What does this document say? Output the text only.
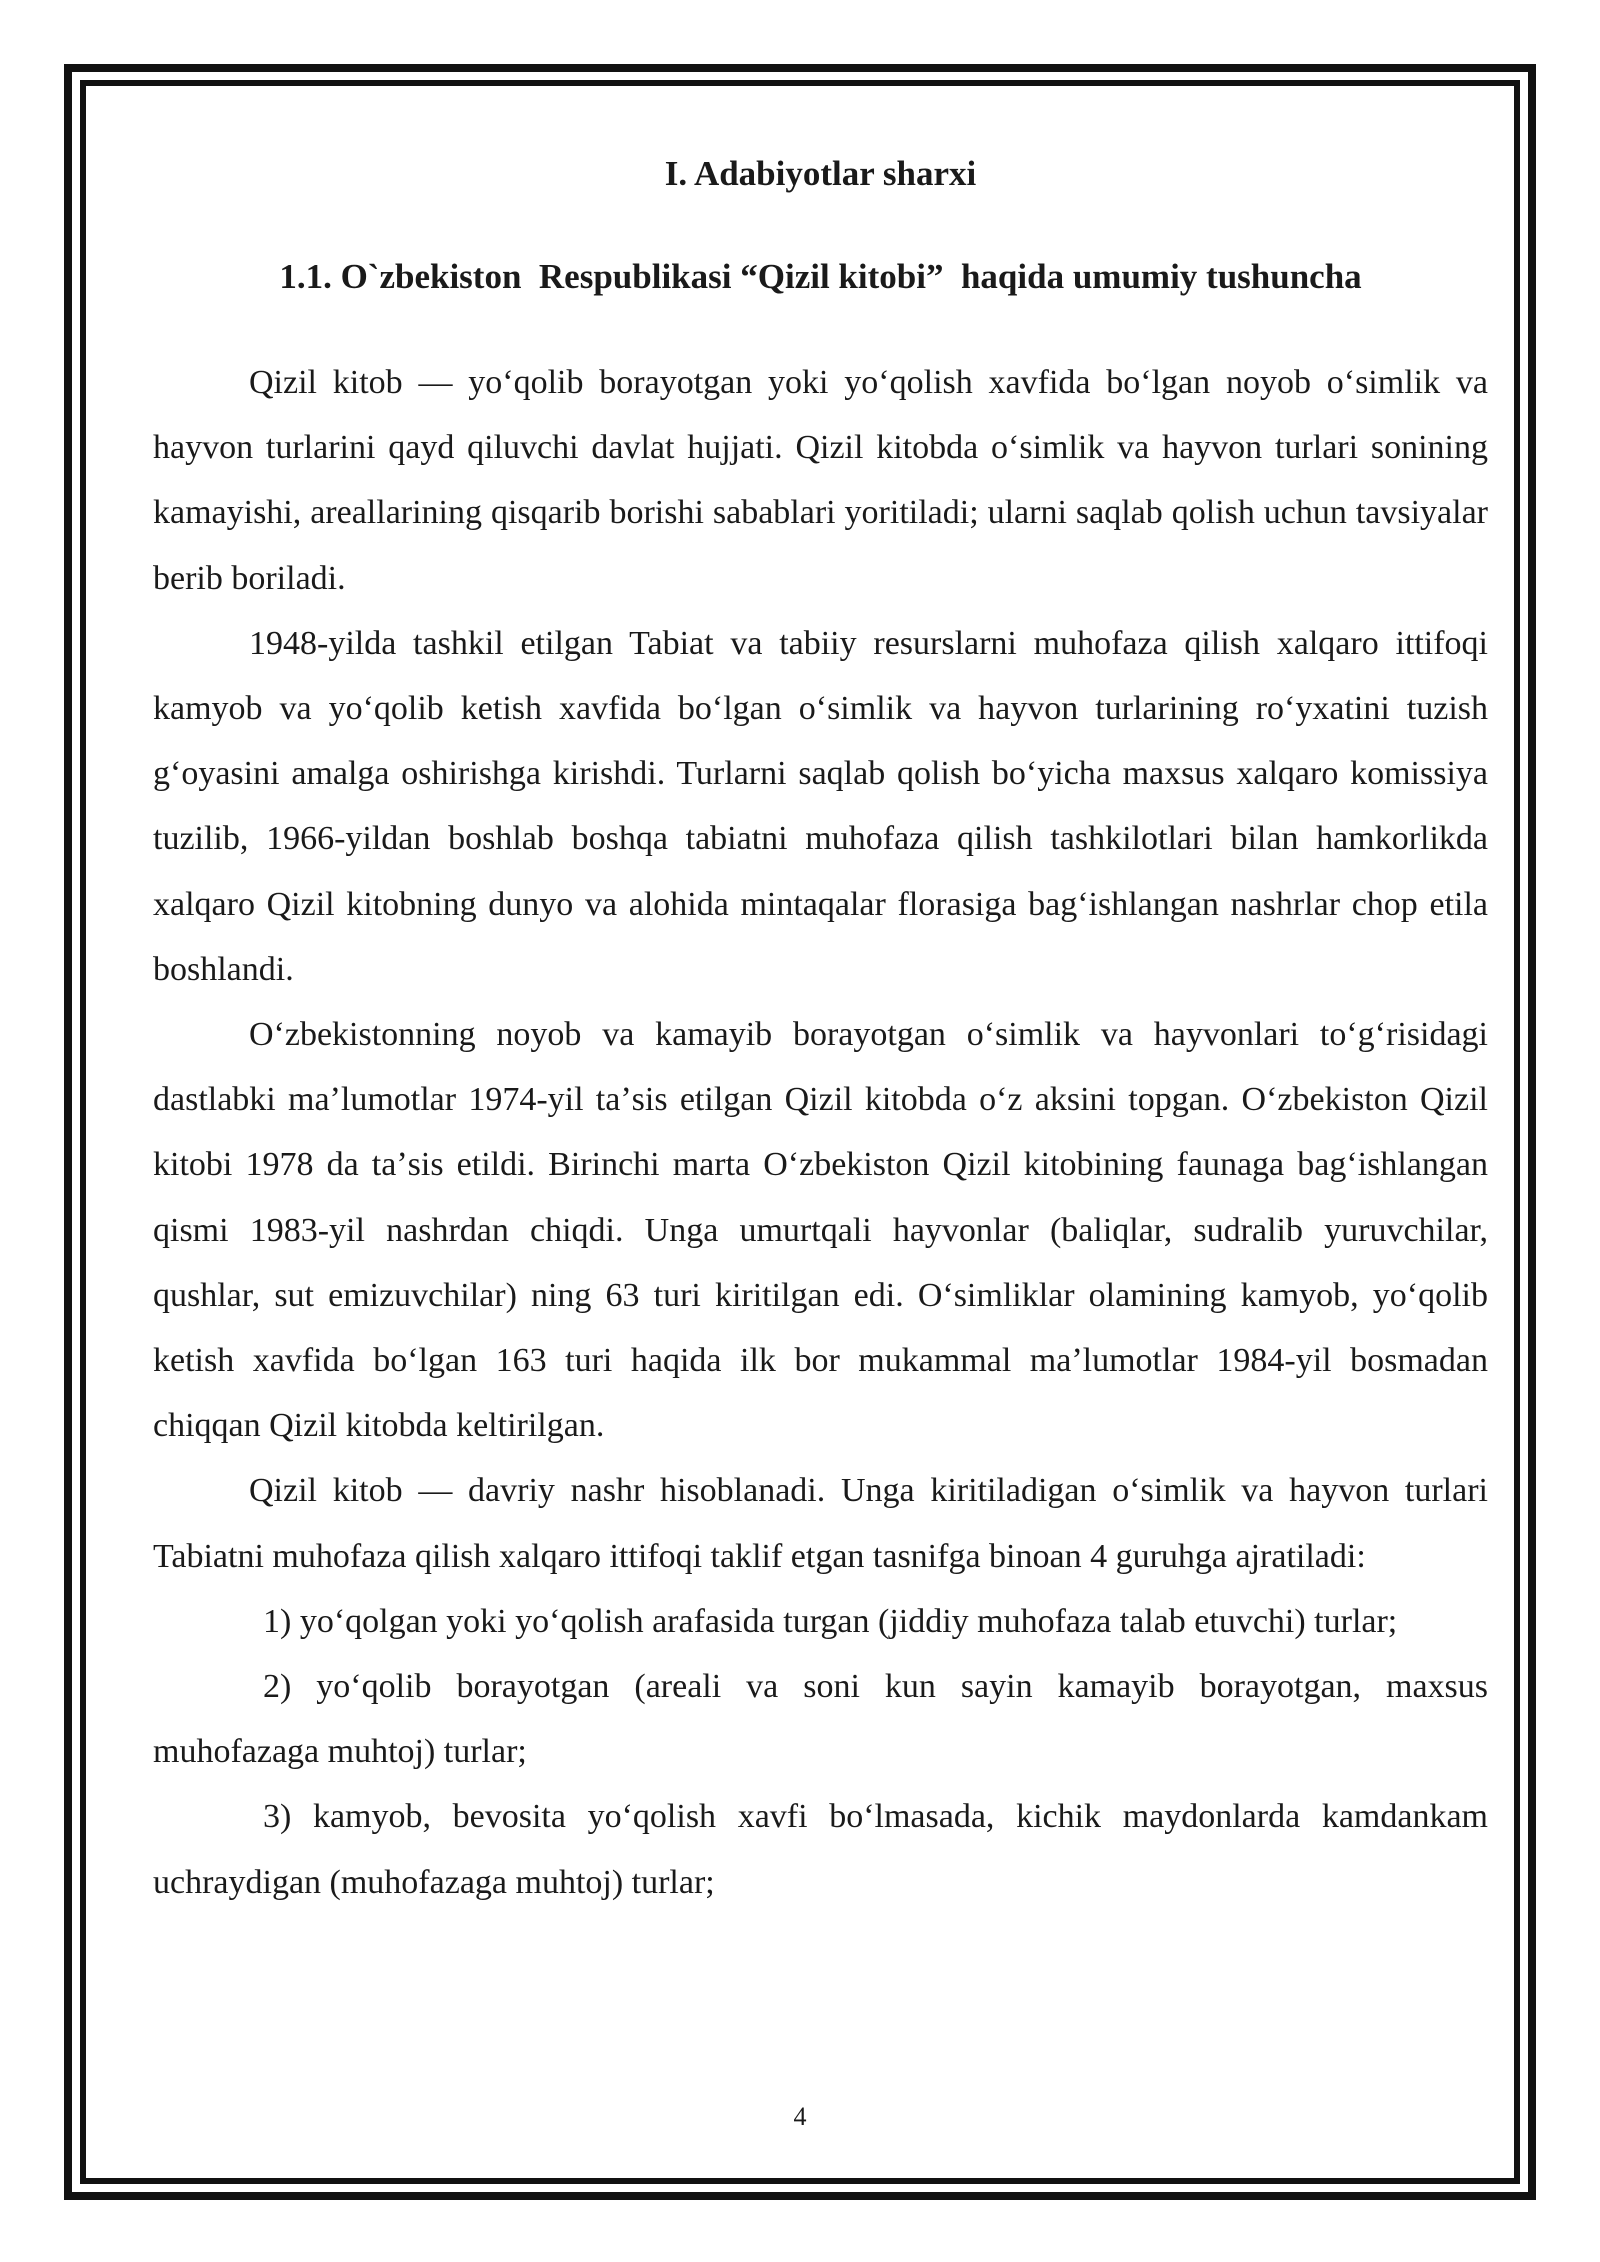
I. Adabiyotlar sharxi
1.1. O`zbekiston  Respublikasi “Qizil kitobi”  haqida umumiy tushuncha

Qizil kitob — yoʻqolib borayotgan yoki yoʻqolish xavfida boʻlgan noyob oʻsimlik va hayvon turlarini qayd qiluvchi davlat hujjati. Qizil kitobda oʻsimlik va hayvon turlari sonining kamayishi, areallarining qisqarib borishi sabablari yoritiladi; ularni saqlab qolish uchun tavsiyalar berib boriladi.

1948-yilda tashkil etilgan Tabiat va tabiiy resurslarni muhofaza qilish xalqaro ittifoqi kamyob va yoʻqolib ketish xavfida boʻlgan oʻsimlik va hayvon turlarining roʻyxatini tuzish gʻoyasini amalga oshirishga kirishdi. Turlarni saqlab qolish boʻyicha maxsus xalqaro komissiya tuzilib, 1966-yildan boshlab boshqa tabiatni muhofaza qilish tashkilotlari bilan hamkorlikda xalqaro Qizil kitobning dunyo va alohida mintaqalar florasiga bagʻishlangan nashrlar chop etila boshlandi.

Oʻzbekistonning noyob va kamayib borayotgan oʻsimlik va hayvonlari toʻgʻrisidagi dastlabki maʼlumotlar 1974-yil taʼsis etilgan Qizil kitobda oʻz aksini topgan. Oʻzbekiston Qizil kitobi 1978 da taʼsis etildi. Birinchi marta Oʻzbekiston Qizil kitobining faunaga bagʻishlangan qismi 1983-yil nashrdan chiqdi. Unga umurtqali hayvonlar (baliqlar, sudralib yuruvchilar, qushlar, sut emizuvchilar) ning 63 turi kiritilgan edi. Oʻsimliklar olamining kamyob, yoʻqolib ketish xavfida boʻlgan 163 turi haqida ilk bor mukammal maʼlumotlar 1984-yil bosmadan chiqqan Qizil kitobda keltirilgan.

Qizil kitob — davriy nashr hisoblanadi. Unga kiritiladigan oʻsimlik va hayvon turlari Tabiatni muhofaza qilish xalqaro ittifoqi taklif etgan tasnifga binoan 4 guruhga ajratiladi:

1) yoʻqolgan yoki yoʻqolish arafasida turgan (jiddiy muhofaza talab etuvchi) turlar;

2) yoʻqolib borayotgan (areali va soni kun sayin kamayib borayotgan, maxsus muhofazaga muhtoj) turlar;

3) kamyob, bevosita yoʻqolish xavfi boʻlmasada, kichik maydonlarda kamdankam uchraydigan (muhofazaga muhtoj) turlar;

4
